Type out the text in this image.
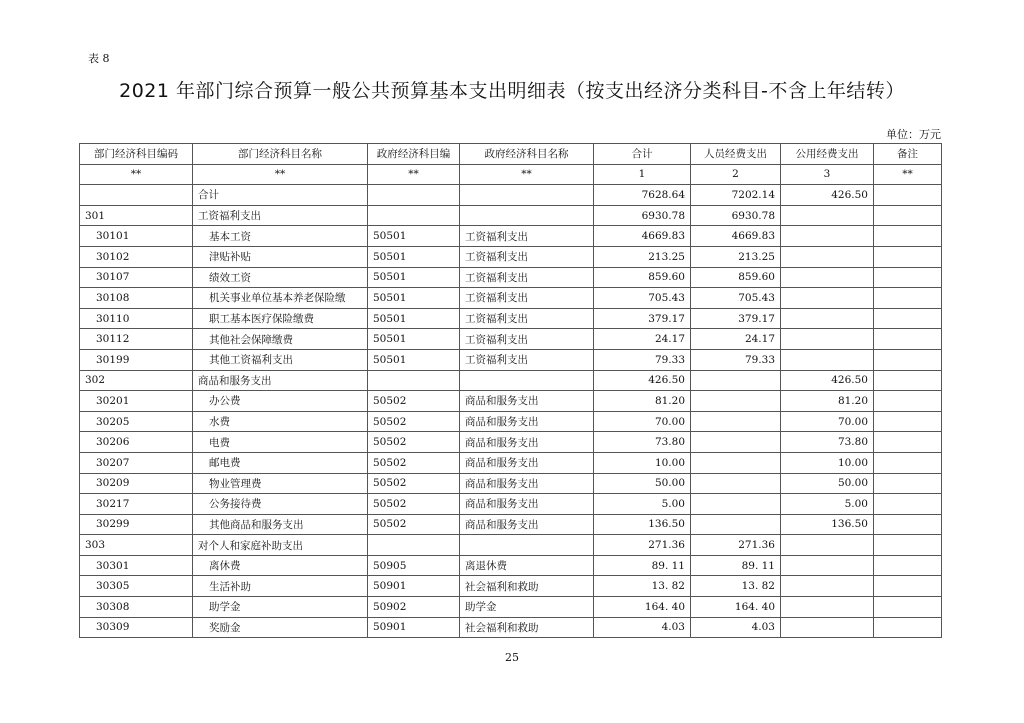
表 8
2021 年部门综合预算一般公共预算基本支出明细表（按支出经济分类科目-不含上年结转）
单位：万元
部门经济科目编码	部门经济科目名称	政府经济科目编	政府经济科目名称	合计	人员经费支出	公用经费支出	备注
**	**	**	**	1	2	3	**
	合计			7628.64	7202.14	426.50	
301	工资福利支出			6930.78	6930.78		
30101	基本工资	50501	工资福利支出	4669.83	4669.83		
30102	津贴补贴	50501	工资福利支出	213.25	213.25		
30107	绩效工资	50501	工资福利支出	859.60	859.60		
30108	机关事业单位基本养老保险缴	50501	工资福利支出	705.43	705.43		
30110	职工基本医疗保险缴费	50501	工资福利支出	379.17	379.17		
30112	其他社会保障缴费	50501	工资福利支出	24.17	24.17		
30199	其他工资福利支出	50501	工资福利支出	79.33	79.33		
302	商品和服务支出			426.50		426.50	
30201	办公费	50502	商品和服务支出	81.20		81.20	
30205	水费	50502	商品和服务支出	70.00		70.00	
30206	电费	50502	商品和服务支出	73.80		73.80	
30207	邮电费	50502	商品和服务支出	10.00		10.00	
30209	物业管理费	50502	商品和服务支出	50.00		50.00	
30217	公务接待费	50502	商品和服务支出	5.00		5.00	
30299	其他商品和服务支出	50502	商品和服务支出	136.50		136.50	
303	对个人和家庭补助支出			271.36	271.36		
30301	离休费	50905	离退休费	89. 11	89. 11		
30305	生活补助	50901	社会福利和救助	13. 82	13. 82		
30308	助学金	50902	助学金	164. 40	164. 40		
30309	奖励金	50901	社会福利和救助	4.03	4.03		
25
